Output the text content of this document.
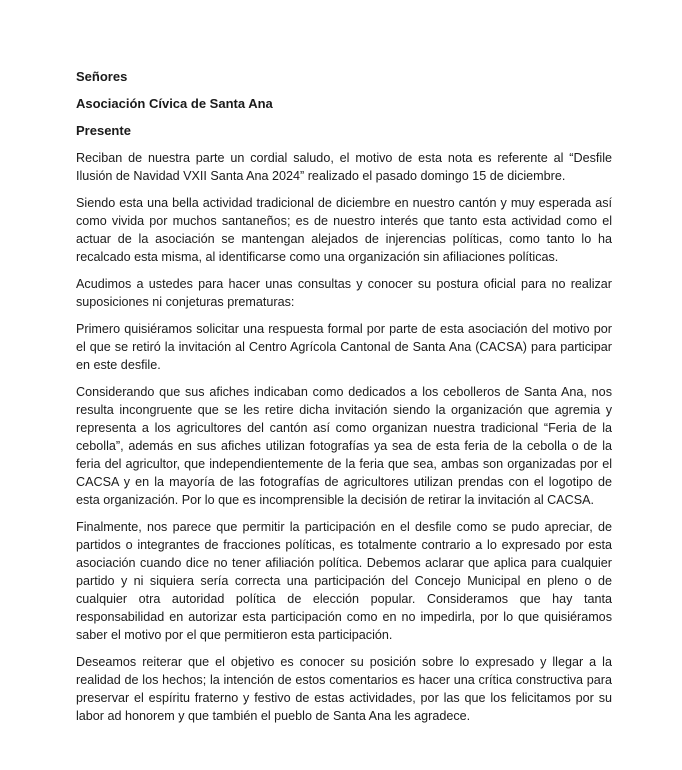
Señores

Asociación Cívica de Santa Ana

Presente

Reciban de nuestra parte un cordial saludo, el motivo de esta nota es referente al “Desfile Ilusión de Navidad VXII Santa Ana 2024” realizado el pasado domingo 15 de diciembre.

Siendo esta una bella actividad tradicional de diciembre en nuestro cantón y muy esperada así como vivida por muchos santaneños; es de nuestro interés que tanto esta actividad como el actuar de la asociación se mantengan alejados de injerencias políticas, como tanto lo ha recalcado esta misma, al identificarse como una organización sin afiliaciones políticas.

Acudimos a ustedes para hacer unas consultas y conocer su postura oficial para no realizar suposiciones ni conjeturas prematuras:

Primero quisiéramos solicitar una respuesta formal por parte de esta asociación del motivo por el que se retiró la invitación al Centro Agrícola Cantonal de Santa Ana (CACSA) para participar en este desfile.

Considerando que sus afiches indicaban como dedicados a los cebolleros de Santa Ana, nos resulta incongruente que se les retire dicha invitación siendo la organización que agremia y representa a los agricultores del cantón así como organizan nuestra tradicional “Feria de la cebolla”, además en sus afiches utilizan fotografías ya sea de esta feria de la cebolla o de la feria del agricultor, que independientemente de la feria que sea, ambas son organizadas por el CACSA y en la mayoría de las fotografías de agricultores utilizan prendas con el logotipo de esta organización. Por lo que es incomprensible la decisión de retirar la invitación al CACSA.

Finalmente, nos parece que permitir la participación en el desfile como se pudo apreciar, de partidos o integrantes de fracciones políticas, es totalmente contrario a lo expresado por esta asociación cuando dice no tener afiliación política. Debemos aclarar que aplica para cualquier partido y ni siquiera sería correcta una participación del Concejo Municipal en pleno o de cualquier otra autoridad política de elección popular. Consideramos que hay tanta responsabilidad en autorizar esta participación como en no impedirla, por lo que quisiéramos saber el motivo por el que permitieron esta participación.

Deseamos reiterar que el objetivo es conocer su posición sobre lo expresado y llegar a la realidad de los hechos; la intención de estos comentarios es hacer una crítica constructiva para preservar el espíritu fraterno y festivo de estas actividades, por las que los felicitamos por su labor ad honorem y que también el pueblo de Santa Ana les agradece.
